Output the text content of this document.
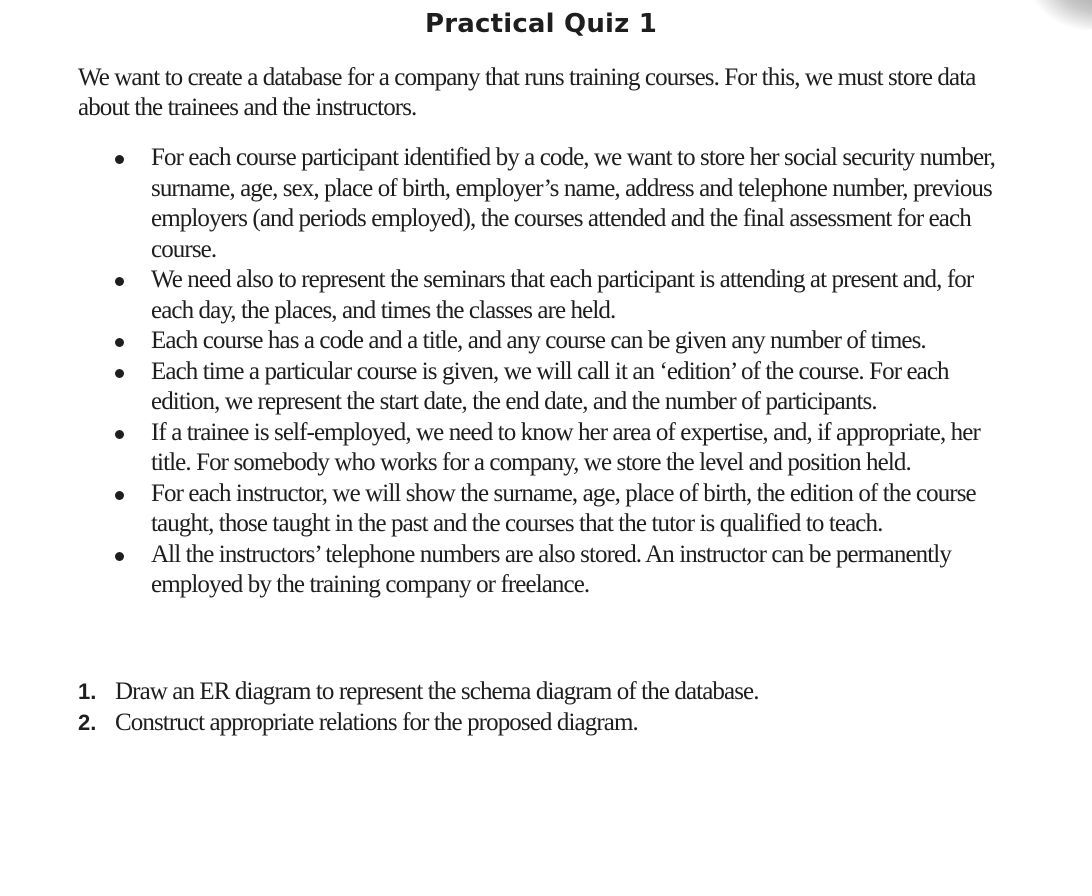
Practical Quiz 1

We want to create a database for a company that runs training courses. For this, we must store data about the trainees and the instructors.

For each course participant identified by a code, we want to store her social security number, surname, age, sex, place of birth, employer’s name, address and telephone number, previous employers (and periods employed), the courses attended and the final assessment for each course.
We need also to represent the seminars that each participant is attending at present and, for each day, the places, and times the classes are held.
Each course has a code and a title, and any course can be given any number of times.
Each time a particular course is given, we will call it an ‘edition’ of the course. For each edition, we represent the start date, the end date, and the number of participants.
If a trainee is self-employed, we need to know her area of expertise, and, if appropriate, her title. For somebody who works for a company, we store the level and position held.
For each instructor, we will show the surname, age, place of birth, the edition of the course taught, those taught in the past and the courses that the tutor is qualified to teach.
All the instructors’ telephone numbers are also stored. An instructor can be permanently employed by the training company or freelance.
1. Draw an ER diagram to represent the schema diagram of the database.
2. Construct appropriate relations for the proposed diagram.
